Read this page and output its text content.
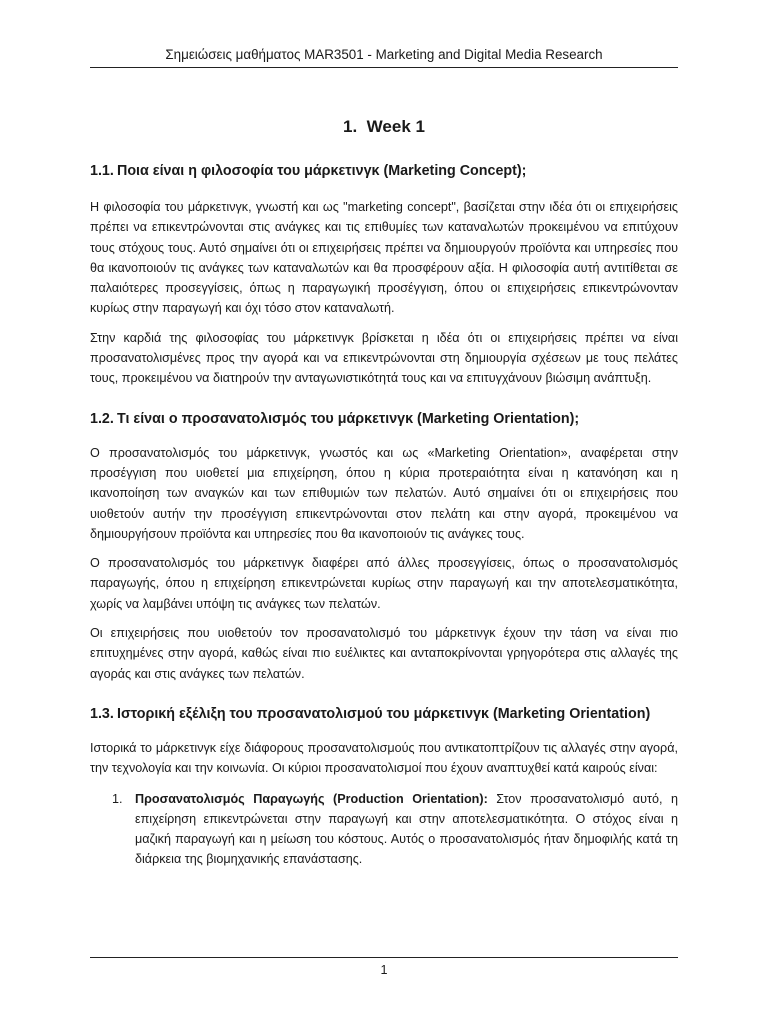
Σημειώσεις μαθήματος MAR3501 - Marketing and Digital Media Research
1. Week 1
1.1. Ποια είναι η φιλοσοφία του μάρκετινγκ (Marketing Concept);

Η φιλοσοφία του μάρκετινγκ, γνωστή και ως "marketing concept", βασίζεται στην ιδέα ότι οι επιχειρήσεις πρέπει να επικεντρώνονται στις ανάγκες και τις επιθυμίες των καταναλωτών προκειμένου να επιτύχουν τους στόχους τους. Αυτό σημαίνει ότι οι επιχειρήσεις πρέπει να δημιουργούν προϊόντα και υπηρεσίες που θα ικανοποιούν τις ανάγκες των καταναλωτών και θα προσφέρουν αξία. Η φιλοσοφία αυτή αντιτίθεται σε παλαιότερες προσεγγίσεις, όπως η παραγωγική προσέγγιση, όπου οι επιχειρήσεις επικεντρώνονταν κυρίως στην παραγωγή και όχι τόσο στον καταναλωτή.

Στην καρδιά της φιλοσοφίας του μάρκετινγκ βρίσκεται η ιδέα ότι οι επιχειρήσεις πρέπει να είναι προσανατολισμένες προς την αγορά και να επικεντρώνονται στη δημιουργία σχέσεων με τους πελάτες τους, προκειμένου να διατηρούν την ανταγωνιστικότητά τους και να επιτυγχάνουν βιώσιμη ανάπτυξη.

1.2. Τι είναι ο προσανατολισμός του μάρκετινγκ (Marketing Orientation);

Ο προσανατολισμός του μάρκετινγκ, γνωστός και ως «Marketing Orientation», αναφέρεται στην προσέγγιση που υιοθετεί μια επιχείρηση, όπου η κύρια προτεραιότητα είναι η κατανόηση και η ικανοποίηση των αναγκών και των επιθυμιών των πελατών. Αυτό σημαίνει ότι οι επιχειρήσεις που υιοθετούν αυτήν την προσέγγιση επικεντρώνονται στον πελάτη και στην αγορά, προκειμένου να δημιουργήσουν προϊόντα και υπηρεσίες που θα ικανοποιούν τις ανάγκες τους.

Ο προσανατολισμός του μάρκετινγκ διαφέρει από άλλες προσεγγίσεις, όπως ο προσανατολισμός παραγωγής, όπου η επιχείρηση επικεντρώνεται κυρίως στην παραγωγή και την αποτελεσματικότητα, χωρίς να λαμβάνει υπόψη τις ανάγκες των πελατών.

Οι επιχειρήσεις που υιοθετούν τον προσανατολισμό του μάρκετινγκ έχουν την τάση να είναι πιο επιτυχημένες στην αγορά, καθώς είναι πιο ευέλικτες και ανταποκρίνονται γρηγορότερα στις αλλαγές της αγοράς και στις ανάγκες των πελατών.

1.3. Ιστορική εξέλιξη του προσανατολισμού του μάρκετινγκ (Marketing Orientation)

Ιστορικά το μάρκετινγκ είχε διάφορους προσανατολισμούς που αντικατοπτρίζουν τις αλλαγές στην αγορά, την τεχνολογία και την κοινωνία. Οι κύριοι προσανατολισμοί που έχουν αναπτυχθεί κατά καιρούς είναι:

1. Προσανατολισμός Παραγωγής (Production Orientation): Στον προσανατολισμό αυτό, η επιχείρηση επικεντρώνεται στην παραγωγή και στην αποτελεσματικότητα. Ο στόχος είναι η μαζική παραγωγή και η μείωση του κόστους. Αυτός ο προσανατολισμός ήταν δημοφιλής κατά τη διάρκεια της βιομηχανικής επανάστασης.
1
